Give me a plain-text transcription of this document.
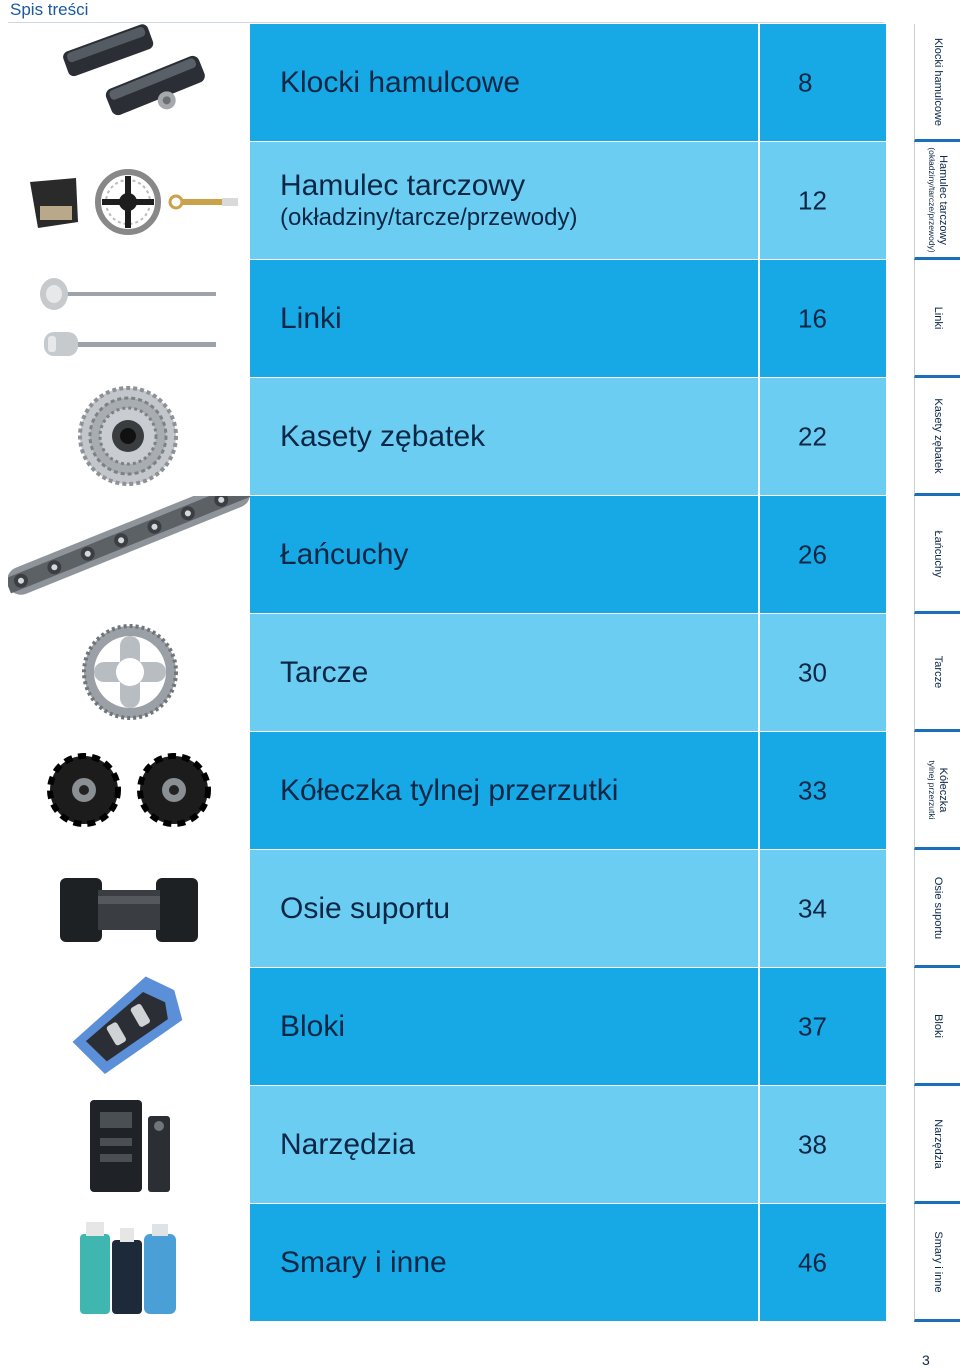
Spis treści
Klocki hamulcowe	8
Hamulec tarczowy
(okładziny/tarcze/przewody)
12
Linki	16
Kasety zębatek	22
Łańcuchy	26
Tarcze	30
Kółeczka tylnej przerzutki	33
Osie suportu	34
Bloki	37
Narzędzia	38
Smary i inne	46
Klocki hamulcowe
Hamulec tarczowy
(okładziny/tarcze/przewody)
Linki
Kasety zębatek
Łańcuchy
Tarcze
Kółeczka
tylnej przerzutki
Osie suportu
Bloki
Narzędzia
Smary i inne
3
